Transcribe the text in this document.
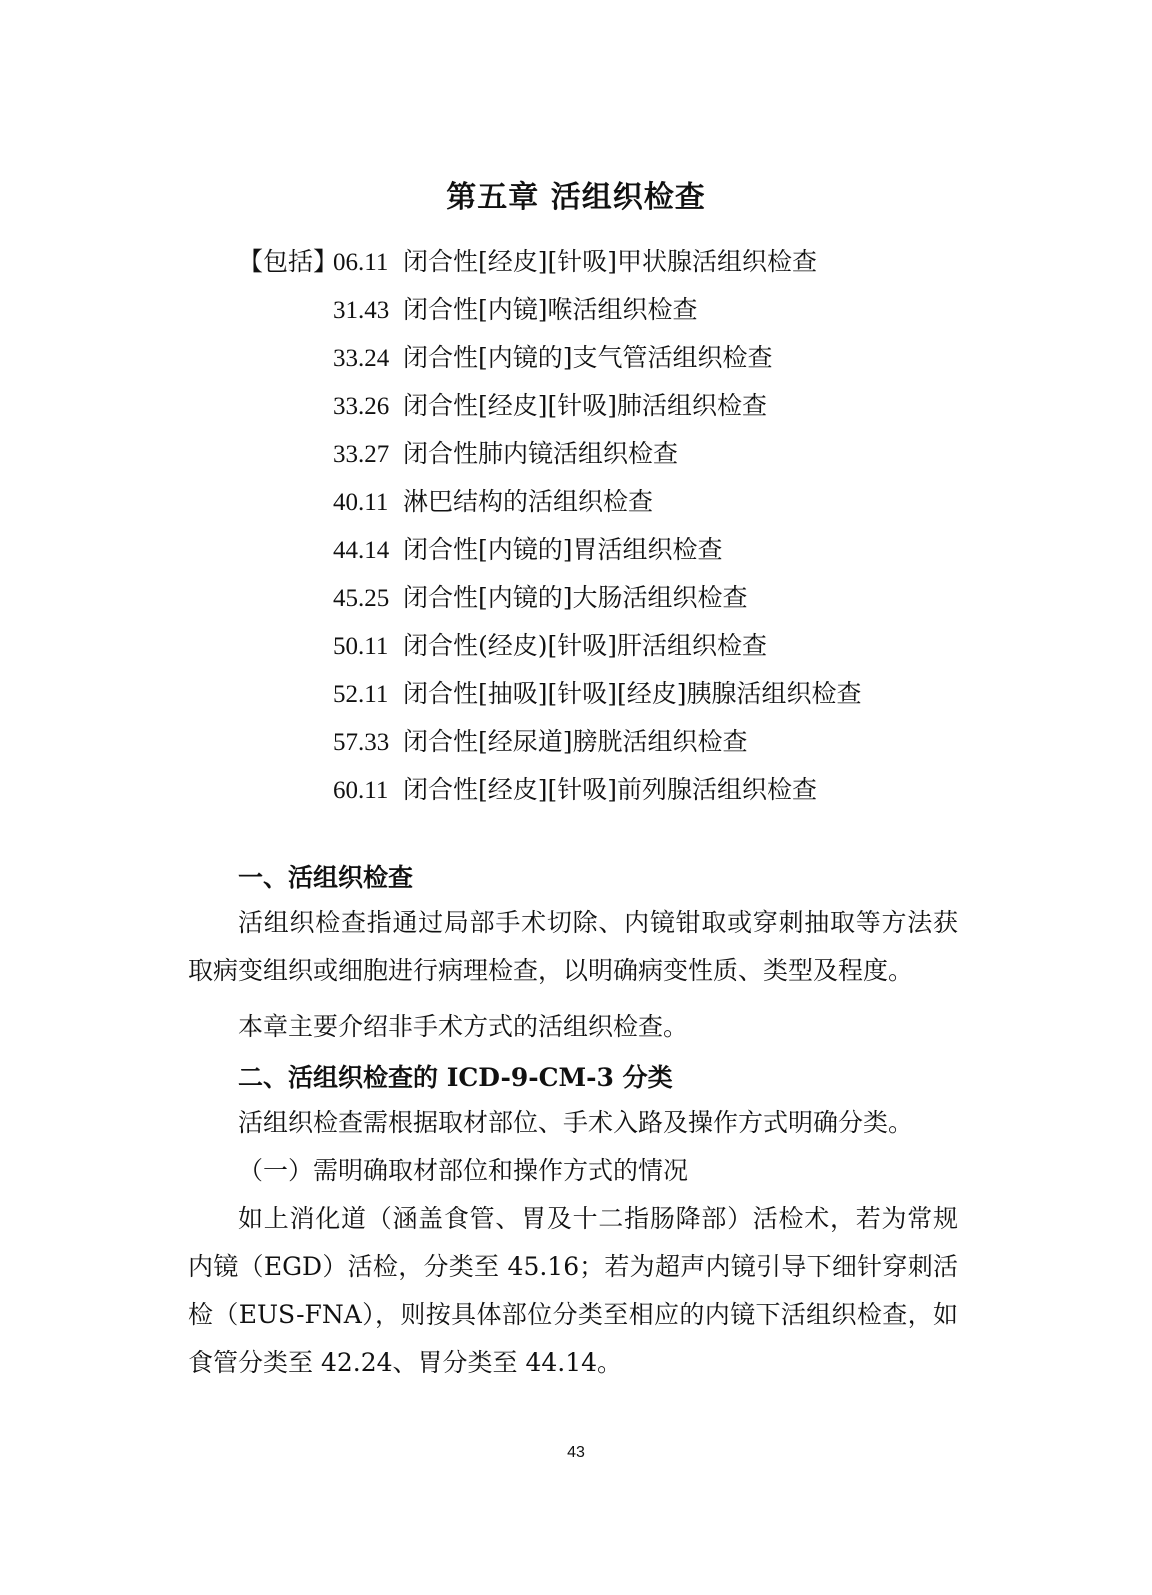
第五章 活组织检查
【包括】06.11 闭合性[经皮][针吸]甲状腺活组织检查
31.43 闭合性[内镜]喉活组织检查
33.24 闭合性[内镜的]支气管活组织检查
33.26 闭合性[经皮][针吸]肺活组织检查
33.27 闭合性肺内镜活组织检查
40.11 淋巴结构的活组织检查
44.14 闭合性[内镜的]胃活组织检查
45.25 闭合性[内镜的]大肠活组织检查
50.11 闭合性(经皮)[针吸]肝活组织检查
52.11 闭合性[抽吸][针吸][经皮]胰腺活组织检查
57.33 闭合性[经尿道]膀胱活组织检查
60.11 闭合性[经皮][针吸]前列腺活组织检查
一、活组织检查

活组织检查指通过局部手术切除、内镜钳取或穿刺抽取等方法获取病变组织或细胞进行病理检查，以明确病变性质、类型及程度。

本章主要介绍非手术方式的活组织检查。

二、活组织检查的 ICD-9-CM-3 分类

活组织检查需根据取材部位、手术入路及操作方式明确分类。

（一）需明确取材部位和操作方式的情况

如上消化道（涵盖食管、胃及十二指肠降部）活检术，若为常规内镜（EGD）活检，分类至 45.16；若为超声内镜引导下细针穿刺活检（EUS-FNA），则按具体部位分类至相应的内镜下活组织检查，如食管分类至 42.24、胃分类至 44.14。

43
